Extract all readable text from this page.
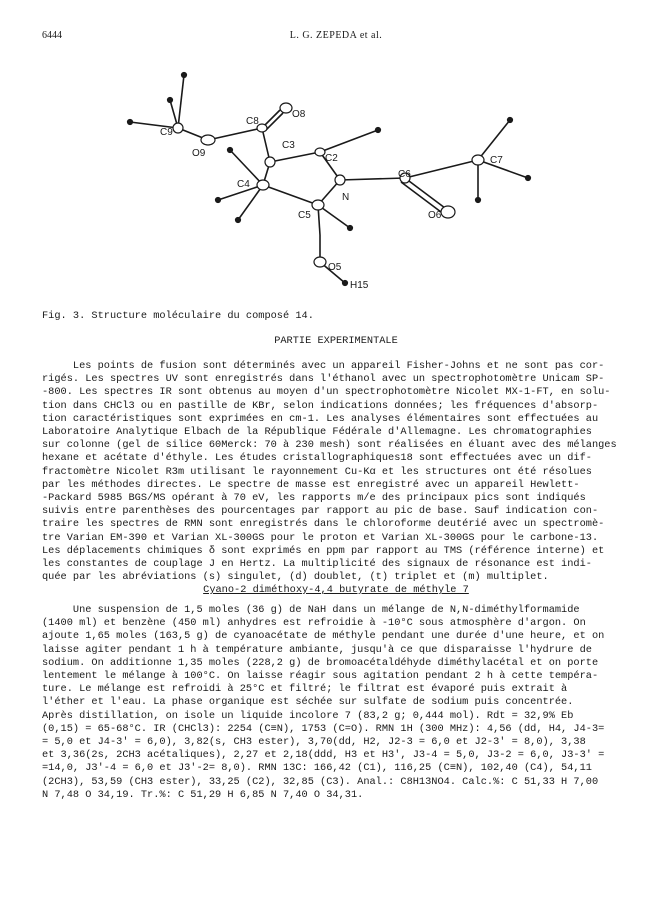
6444	L. G. ZEPEDA et al.
C9
O9
C8
O8
C3
C2
C4
C5
N
C6
C7
O6
O5
H15
Fig. 3. Structure moléculaire du composé 14.
PARTIE EXPERIMENTALE
Les points de fusion sont déterminés avec un appareil Fisher-Johns et ne sont pas cor-
rigés. Les spectres UV sont enregistrés dans l'éthanol avec un spectrophotomètre Unicam SP-
-800. Les spectres IR sont obtenus au moyen d'un spectrophotomètre Nicolet MX-1-FT, en solu-
tion dans CHCl3 ou en pastille de KBr, selon indications données; les fréquences d'absorp-
tion caractéristiques sont exprimées en cm-1. Les analyses élémentaires sont effectuées au
Laboratoire Analytique Elbach de la République Fédérale d'Allemagne. Les chromatographies
sur colonne (gel de silice 60Merck: 70 à 230 mesh) sont réalisées en éluant avec des mélanges
hexane et acétate d'éthyle. Les études cristallographiques18 sont effectuées avec un dif-
fractomètre Nicolet R3m utilisant le rayonnement Cu-Kα et les structures ont été résolues
par les méthodes directes. Le spectre de masse est enregistré avec un appareil Hewlett-
-Packard 5985 BGS/MS opérant à 70 eV, les rapports m/e des principaux pics sont indiqués
suivis entre parenthèses des pourcentages par rapport au pic de base. Sauf indication con-
traire les spectres de RMN sont enregistrés dans le chloroforme deutérié avec un spectromè-
tre Varian EM-390 et Varian XL-300GS pour le proton et Varian XL-300GS pour le carbone-13.
Les déplacements chimiques δ sont exprimés en ppm par rapport au TMS (référence interne) et
les constantes de couplage J en Hertz. La multiplicité des signaux de résonance est indi-
quée par les abréviations (s) singulet, (d) doublet, (t) triplet et (m) multiplet.
Cyano-2 diméthoxy-4,4 butyrate de méthyle 7
Une suspension de 1,5 moles (36 g) de NaH dans un mélange de N,N-diméthylformamide
(1400 ml) et benzène (450 ml) anhydres est refroidie à -10°C sous atmosphère d'argon. On
ajoute 1,65 moles (163,5 g) de cyanoacétate de méthyle pendant une durée d'une heure, et on
laisse agiter pendant 1 h à température ambiante, jusqu'à ce que disparaisse l'hydrure de
sodium. On additionne 1,35 moles (228,2 g) de bromoacétaldéhyde diméthylacétal et on porte
lentement le mélange à 100°C. On laisse réagir sous agitation pendant 2 h à cette tempéra-
ture. Le mélange est refroidi à 25°C et filtré; le filtrat est évaporé puis extrait à
l'éther et l'eau. La phase organique est séchée sur sulfate de sodium puis concentrée.
Après distillation, on isole un liquide incolore 7 (83,2 g; 0,444 mol). Rdt = 32,9% Eb
(0,15) = 65-68°C. IR (CHCl3): 2254 (C≡N), 1753 (C=O). RMN 1H (300 MHz): 4,56 (dd, H4, J4-3=
= 5,0 et J4-3' = 6,0), 3,82(s, CH3 ester), 3,70(dd, H2, J2-3 = 6,0 et J2-3' = 8,0), 3,38
et 3,36(2s, 2CH3 acétaliques), 2,27 et 2,18(ddd, H3 et H3', J3-4 = 5,0, J3-2 = 6,0, J3-3' =
=14,0, J3'-4 = 6,0 et J3'-2= 8,0). RMN 13C: 166,42 (C1), 116,25 (C≡N), 102,40 (C4), 54,11
(2CH3), 53,59 (CH3 ester), 33,25 (C2), 32,85 (C3). Anal.: C8H13NO4. Calc.%: C 51,33 H 7,00
N 7,48 O 34,19. Tr.%: C 51,29 H 6,85 N 7,40 O 34,31.
